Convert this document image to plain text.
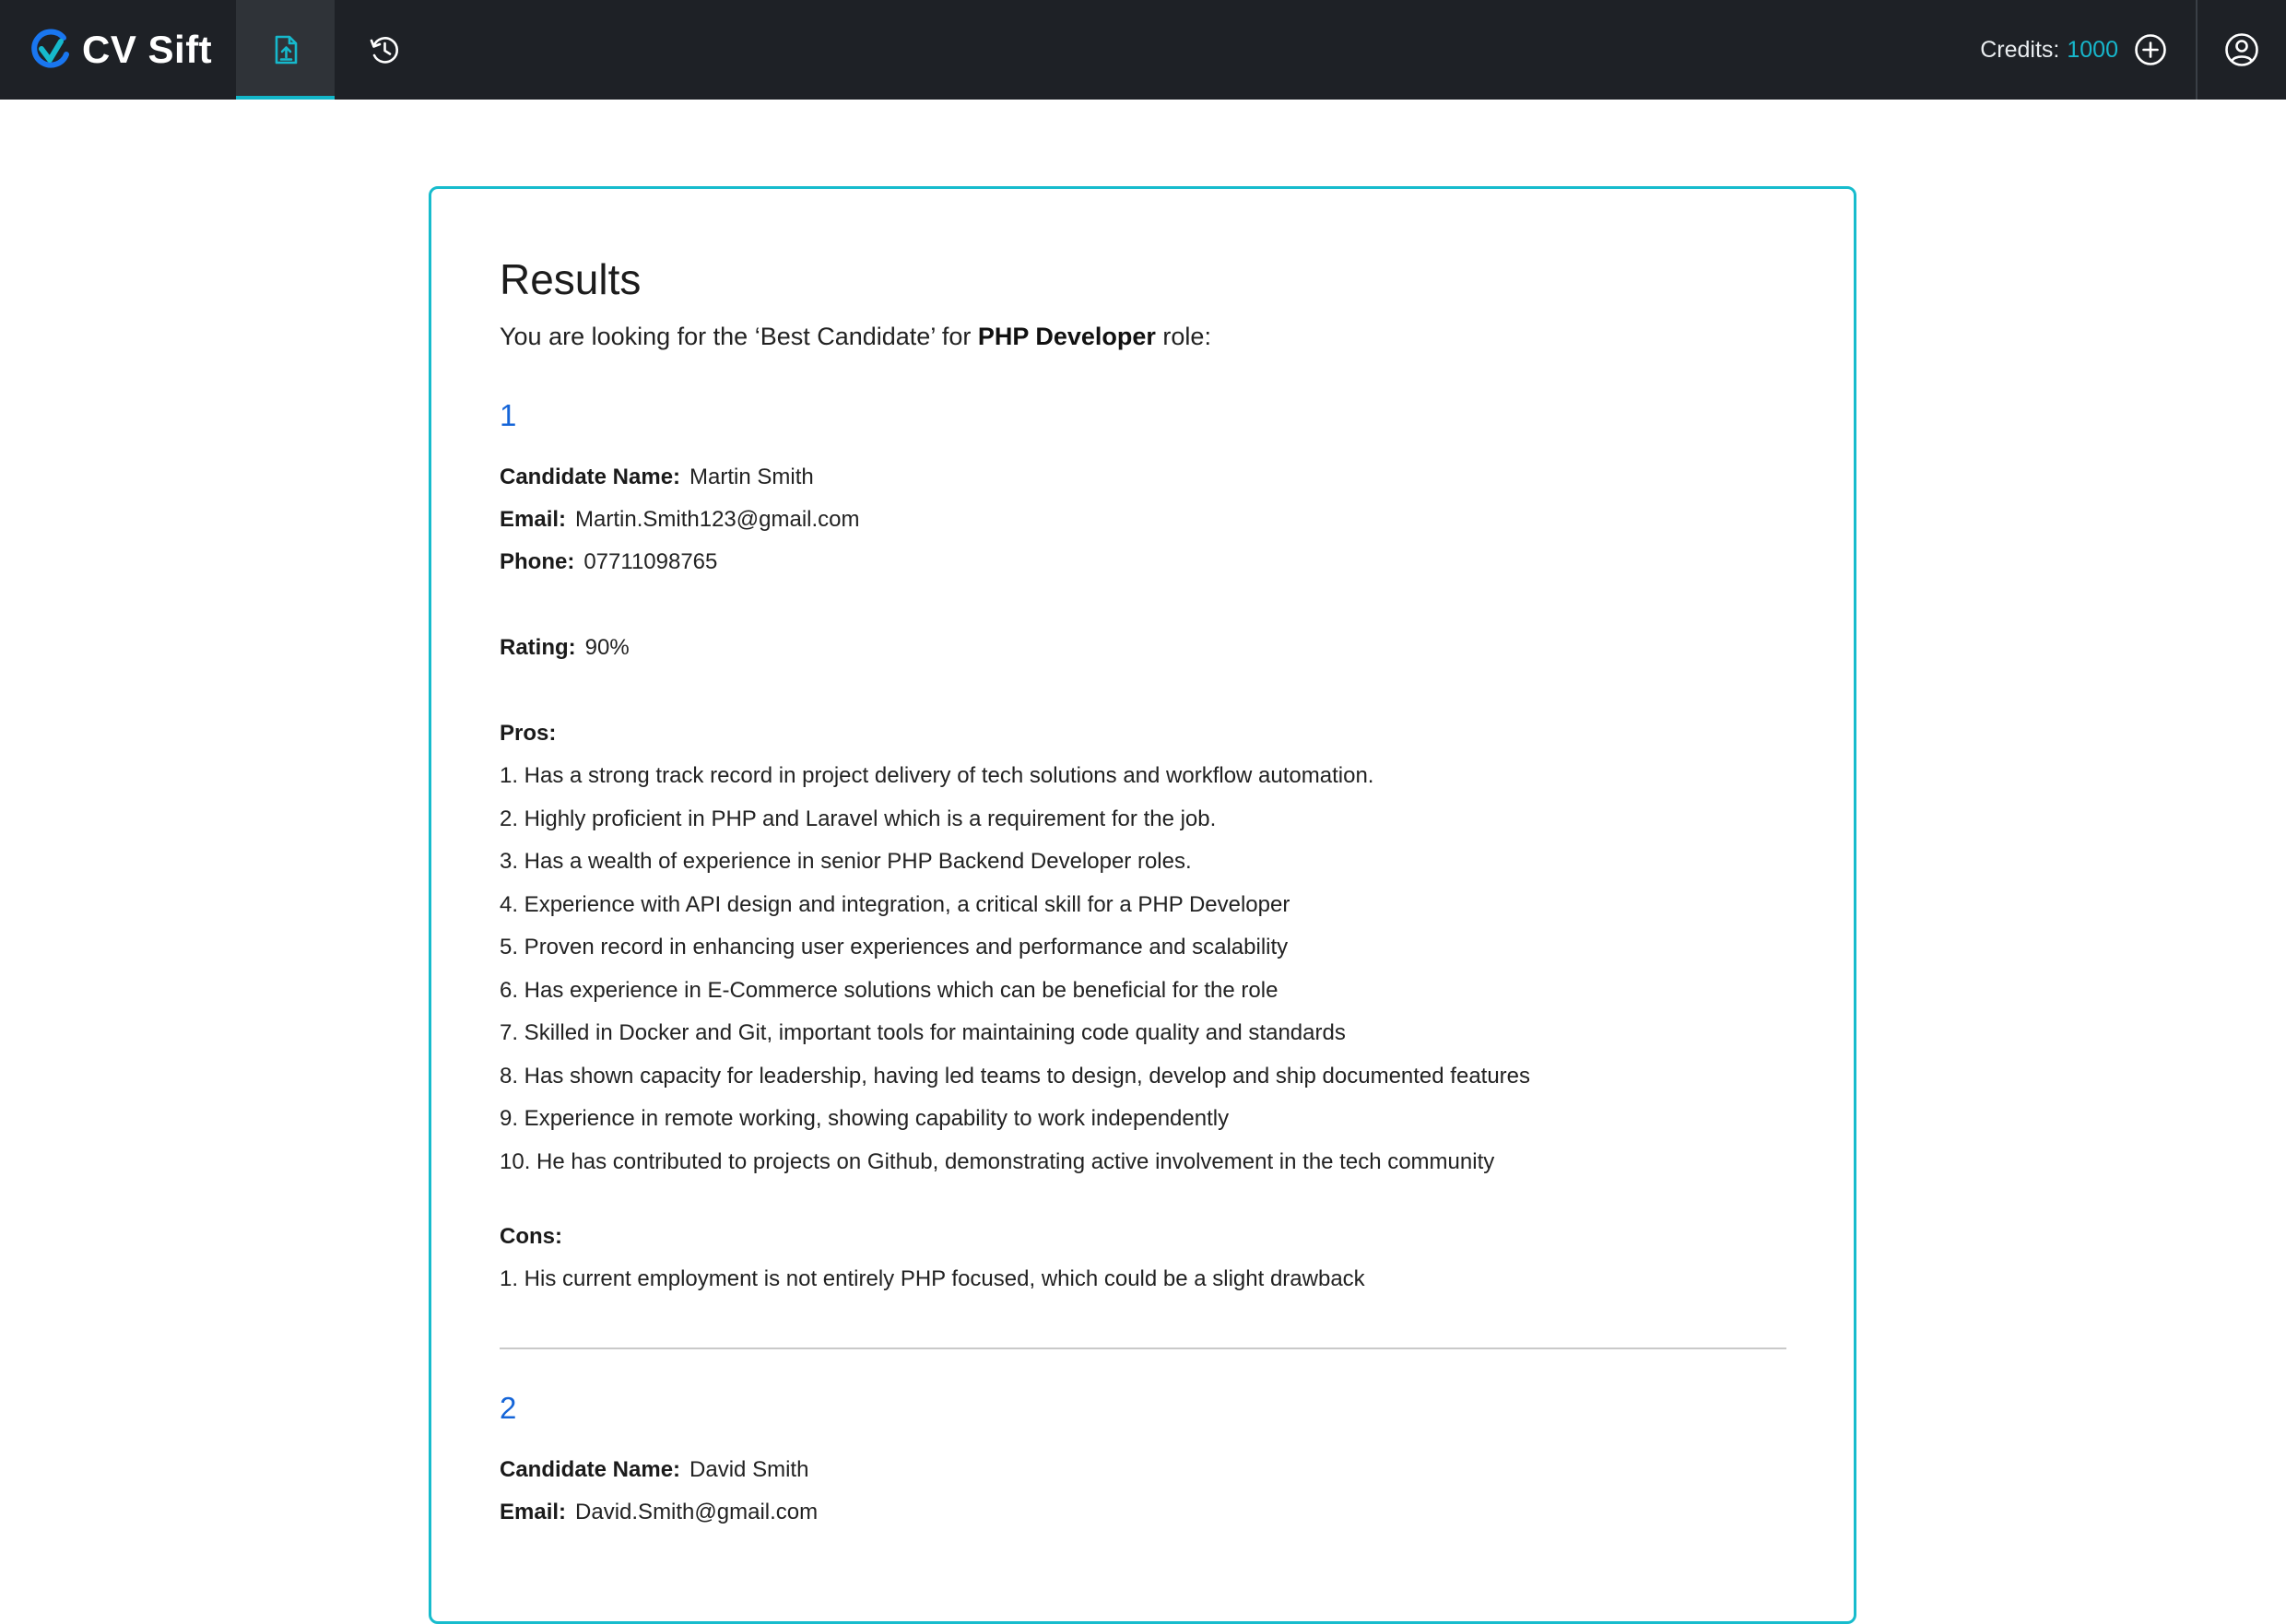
CV Sift	Credits: 1000
Results

You are looking for the ‘Best Candidate’ for PHP Developer role:

1
Candidate Name: Martin Smith
Email: Martin.Smith123@gmail.com
Phone: 07711098765
Rating: 90%
Pros:
1. Has a strong track record in project delivery of tech solutions and workflow automation.
2. Highly proficient in PHP and Laravel which is a requirement for the job.
3. Has a wealth of experience in senior PHP Backend Developer roles.
4. Experience with API design and integration, a critical skill for a PHP Developer
5. Proven record in enhancing user experiences and performance and scalability
6. Has experience in E-Commerce solutions which can be beneficial for the role
7. Skilled in Docker and Git, important tools for maintaining code quality and standards
8. Has shown capacity for leadership, having led teams to design, develop and ship documented features
9. Experience in remote working, showing capability to work independently
10. He has contributed to projects on Github, demonstrating active involvement in the tech community
Cons:
1. His current employment is not entirely PHP focused, which could be a slight drawback
2
Candidate Name: David Smith
Email: David.Smith@gmail.com
